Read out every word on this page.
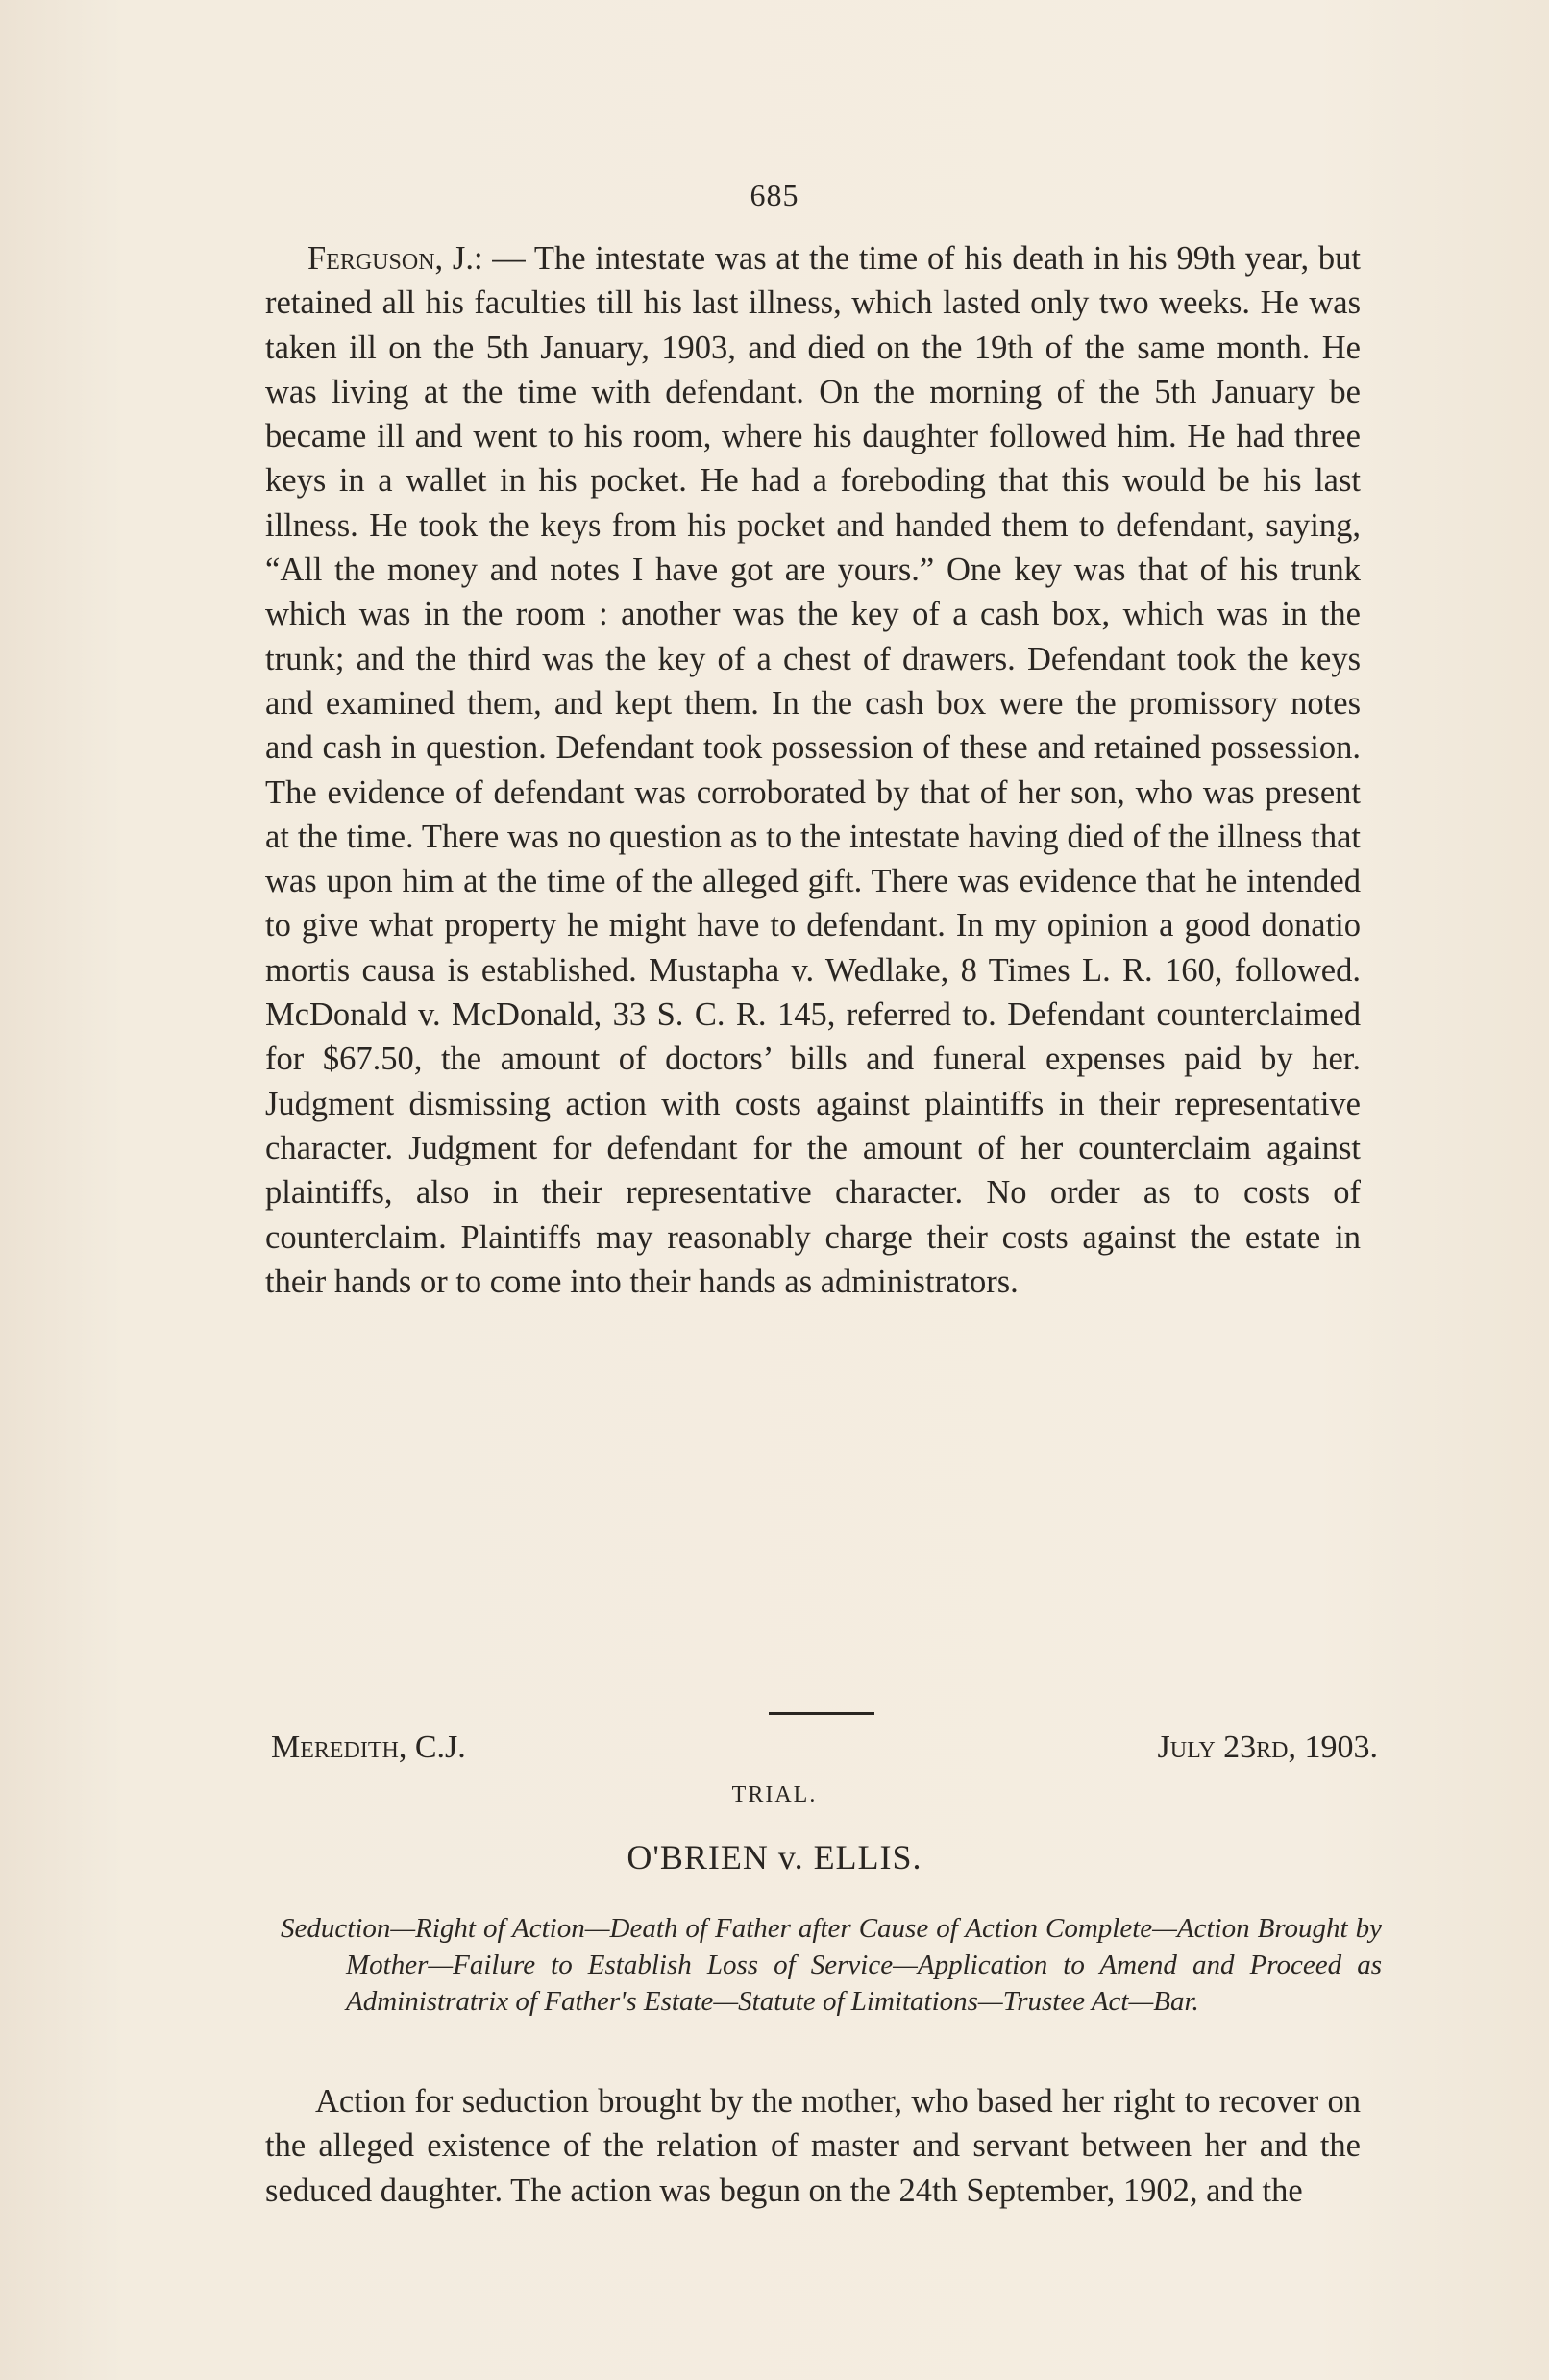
685
Ferguson, J.: — The intestate was at the time of his death in his 99th year, but retained all his faculties till his last illness, which lasted only two weeks. He was taken ill on the 5th January, 1903, and died on the 19th of the same month. He was living at the time with defendant. On the morning of the 5th January be became ill and went to his room, where his daughter followed him. He had three keys in a wallet in his pocket. He had a foreboding that this would be his last illness. He took the keys from his pocket and handed them to defendant, saying, “All the money and notes I have got are yours.” One key was that of his trunk which was in the room : another was the key of a cash box, which was in the trunk; and the third was the key of a chest of drawers. Defendant took the keys and examined them, and kept them. In the cash box were the promissory notes and cash in question. Defendant took possession of these and retained possession. The evidence of defendant was corroborated by that of her son, who was present at the time. There was no question as to the intestate having died of the illness that was upon him at the time of the alleged gift. There was evidence that he intended to give what property he might have to defendant. In my opinion a good donatio mortis causa is established. Mustapha v. Wedlake, 8 Times L. R. 160, followed. McDonald v. McDonald, 33 S. C. R. 145, referred to. Defendant counterclaimed for $67.50, the amount of doctors’ bills and funeral expenses paid by her. Judgment dismissing action with costs against plaintiffs in their representative character. Judgment for defendant for the amount of her counterclaim against plaintiffs, also in their representative character. No order as to costs of counterclaim. Plaintiffs may reasonably charge their costs against the estate in their hands or to come into their hands as administrators.
Meredith, C.J.	July 23rd, 1903.
TRIAL.
O'BRIEN v. ELLIS.
Seduction—Right of Action—Death of Father after Cause of Action Complete—Action Brought by Mother—Failure to Establish Loss of Service—Application to Amend and Proceed as Administratrix of Father's Estate—Statute of Limitations—Trustee Act—Bar.
Action for seduction brought by the mother, who based her right to recover on the alleged existence of the relation of master and servant between her and the seduced daughter. The action was begun on the 24th September, 1902, and the
